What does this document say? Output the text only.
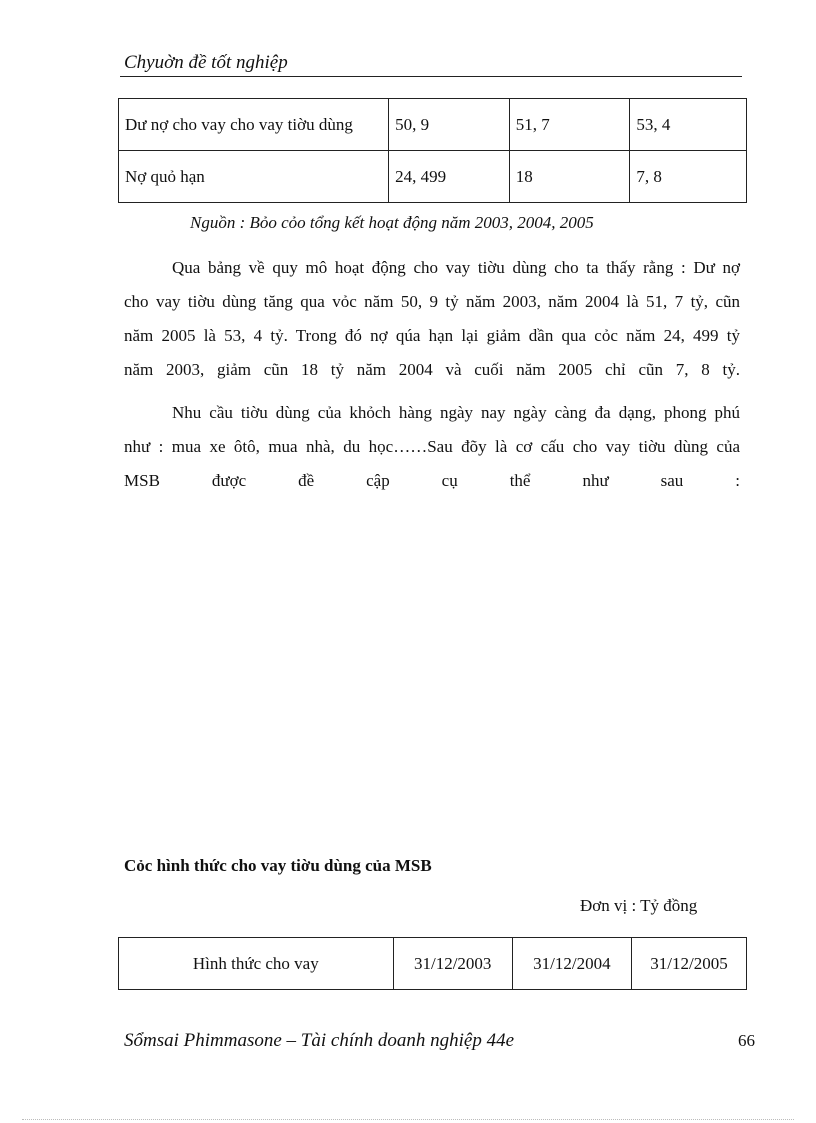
Chyuờn đề tốt nghiệp
Dư nợ cho vay cho vay tiờu dùng	50, 9	51, 7	53, 4
Nợ quỏ hạn	24, 499	18	7, 8
Nguồn : Bỏo cỏo tổng kết hoạt động năm 2003, 2004, 2005
Qua bảng về quy mô hoạt động cho vay tiờu dùng cho ta thấy rằng : Dư nợ
cho vay tiờu dùng tăng qua vỏc năm 50, 9 tỷ năm 2003, năm 2004 là 51, 7 tỷ, cũn
năm 2005 là 53, 4 tỷ. Trong đó nợ qúa hạn lại giảm dần qua cỏc năm 24, 499 tỷ
năm 2003, giảm cũn 18 tỷ năm 2004 và cuối năm 2005 chỉ cũn 7, 8 tỷ.
Nhu cầu tiờu dùng của khỏch hàng ngày nay ngày càng đa dạng, phong phú
như : mua xe ôtô, mua nhà, du học……Sau đõy là cơ cấu cho vay tiờu dùng của
MSB được đề cập cụ thể như sau :
Cỏc hình thức cho vay tiờu dùng của MSB
Đơn vị : Tỷ đồng
Hình thức cho vay	31/12/2003	31/12/2004	31/12/2005
Sổmsai Phimmasone – Tài chính doanh nghiệp 44e	66
